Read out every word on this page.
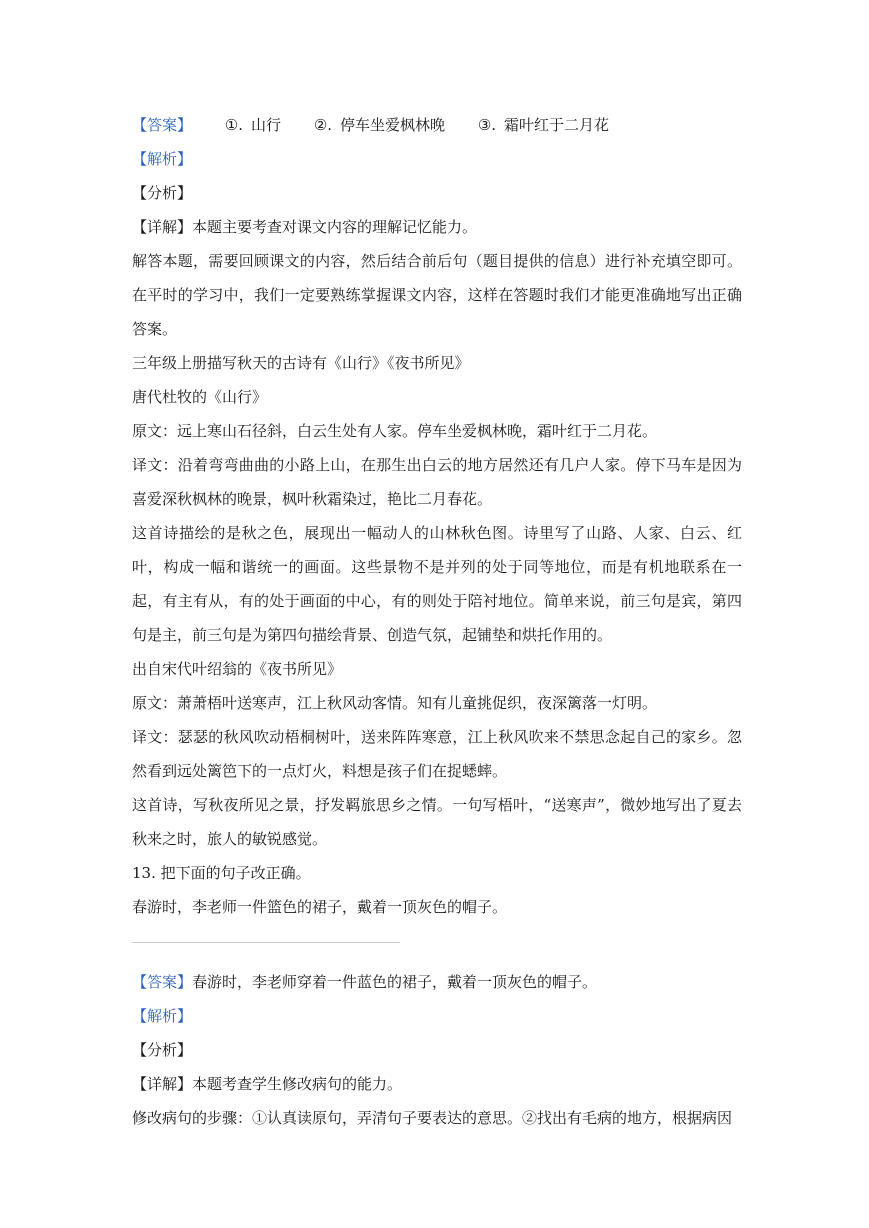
【答案】 ①. 山行 ②. 停车坐爱枫林晚 ③. 霜叶红于二月花
【解析】
【分析】
【详解】本题主要考查对课文内容的理解记忆能力。
解答本题，需要回顾课文的内容，然后结合前后句（题目提供的信息）进行补充填空即可。在平时的学习中，我们一定要熟练掌握课文内容，这样在答题时我们才能更准确地写出正确答案。
三年级上册描写秋天的古诗有《山行》《夜书所见》
唐代杜牧的《山行》
原文：远上寒山石径斜，白云生处有人家。停车坐爱枫林晚，霜叶红于二月花。
译文：沿着弯弯曲曲的小路上山，在那生出白云的地方居然还有几户人家。停下马车是因为喜爱深秋枫林的晚景，枫叶秋霜染过，艳比二月春花。
这首诗描绘的是秋之色，展现出一幅动人的山林秋色图。诗里写了山路、人家、白云、红叶，构成一幅和谐统一的画面。这些景物不是并列的处于同等地位，而是有机地联系在一起，有主有从，有的处于画面的中心，有的则处于陪衬地位。简单来说，前三句是宾，第四句是主，前三句是为第四句描绘背景、创造气氛，起铺垫和烘托作用的。
出自宋代叶绍翁的《夜书所见》
原文：萧萧梧叶送寒声，江上秋风动客情。知有儿童挑促织，夜深篱落一灯明。
译文：瑟瑟的秋风吹动梧桐树叶，送来阵阵寒意，江上秋风吹来不禁思念起自己的家乡。忽然看到远处篱笆下的一点灯火，料想是孩子们在捉蟋蟀。
这首诗，写秋夜所见之景，抒发羁旅思乡之情。一句写梧叶，“送寒声”，微妙地写出了夏去秋来之时，旅人的敏锐感觉。
13. 把下面的句子改正确。
春游时，李老师一件篮色的裙子，戴着一顶灰色的帽子。
【答案】春游时，李老师穿着一件蓝色的裙子，戴着一顶灰色的帽子。
【解析】
【分析】
【详解】本题考查学生修改病句的能力。
修改病句的步骤：①认真读原句，弄清句子要表达的意思。②找出有毛病的地方，根据病因
